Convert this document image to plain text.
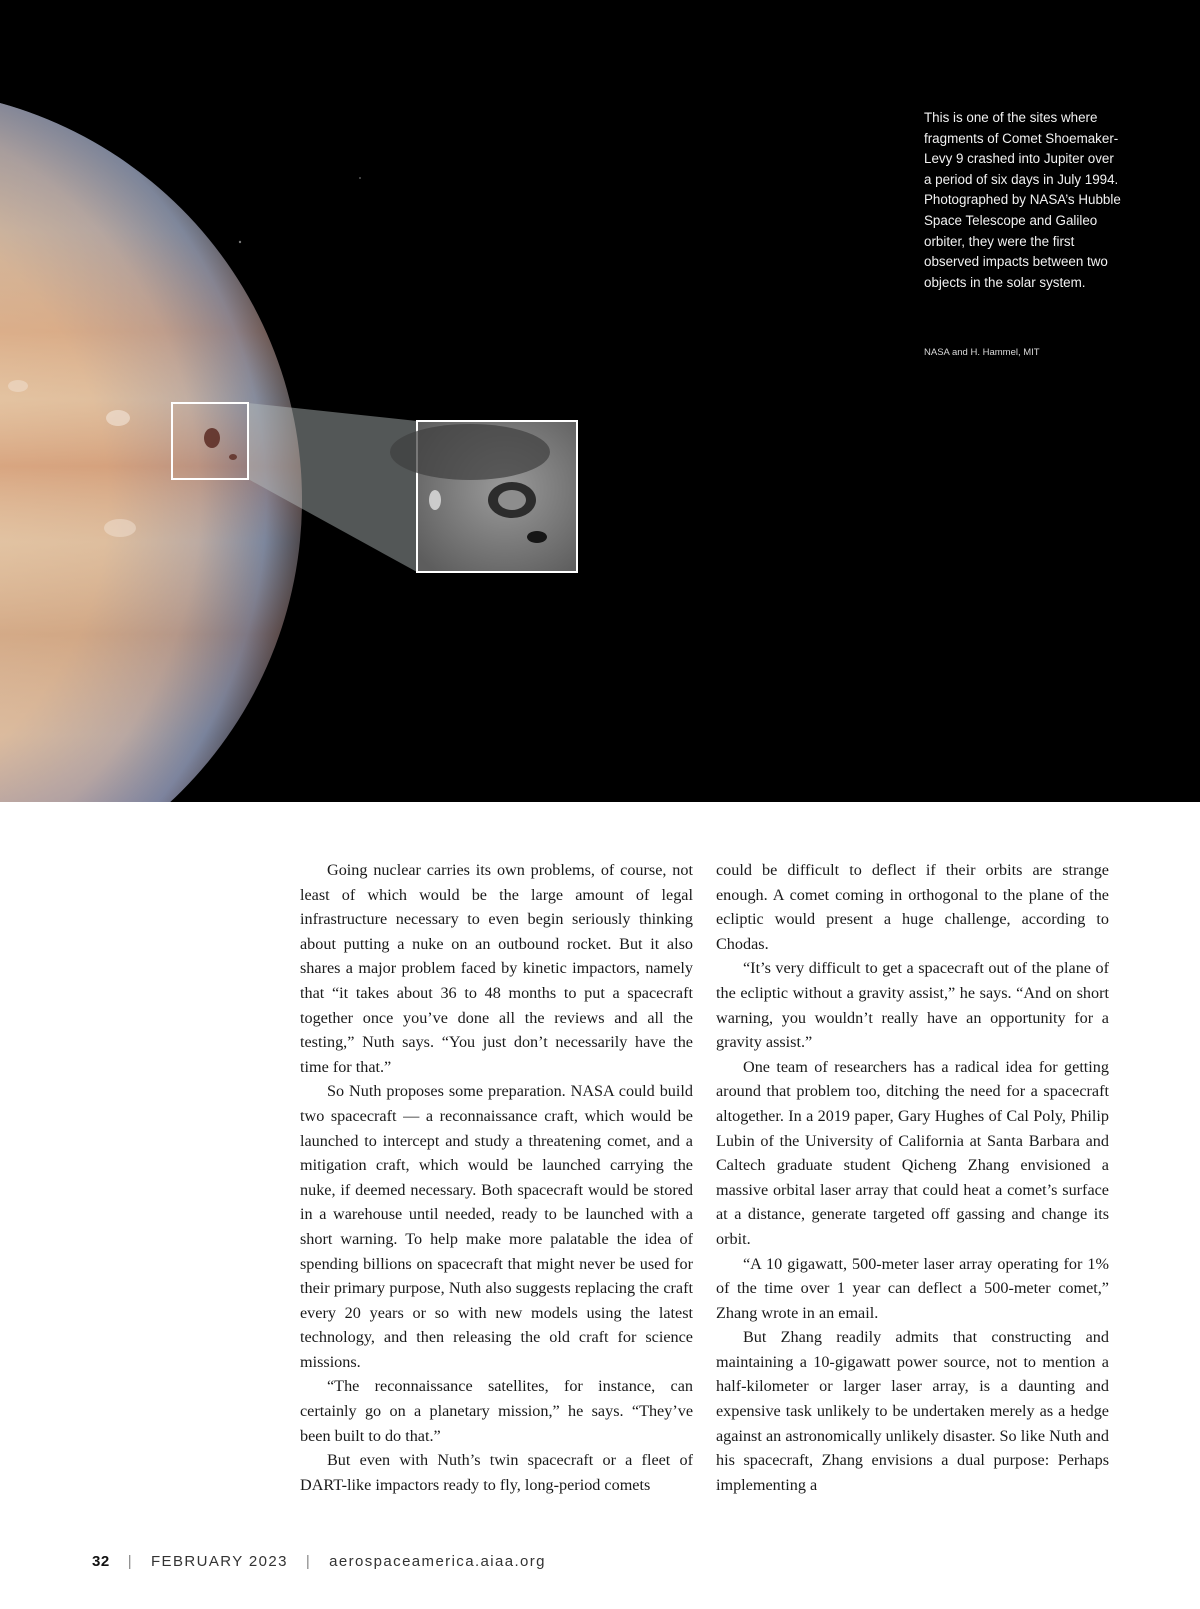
This is one of the sites where fragments of Comet Shoemaker-Levy 9 crashed into Jupiter over a period of six days in July 1994. Photographed by NASA’s Hubble Space Telescope and Galileo orbiter, they were the first observed impacts between two objects in the solar system.
NASA and H. Hammel, MIT

Going nuclear carries its own problems, of course, not least of which would be the large amount of legal infrastructure necessary to even begin seriously thinking about putting a nuke on an outbound rocket. But it also shares a major problem faced by kinetic impactors, namely that “it takes about 36 to 48 months to put a spacecraft together once you’ve done all the reviews and all the testing,” Nuth says. “You just don’t necessarily have the time for that.”

So Nuth proposes some preparation. NASA could build two spacecraft — a reconnaissance craft, which would be launched to intercept and study a threatening comet, and a mitigation craft, which would be launched carrying the nuke, if deemed necessary. Both spacecraft would be stored in a warehouse until needed, ready to be launched with a short warning. To help make more palatable the idea of spending billions on spacecraft that might never be used for their primary purpose, Nuth also suggests replacing the craft every 20 years or so with new models using the latest technology, and then releasing the old craft for science missions.

“The reconnaissance satellites, for instance, can certainly go on a planetary mission,” he says. “They’ve been built to do that.”

But even with Nuth’s twin spacecraft or a fleet of DART-like impactors ready to fly, long-period comets

could be difficult to deflect if their orbits are strange enough. A comet coming in orthogonal to the plane of the ecliptic would present a huge challenge, according to Chodas.

“It’s very difficult to get a spacecraft out of the plane of the ecliptic without a gravity assist,” he says. “And on short warning, you wouldn’t really have an opportunity for a gravity assist.”

One team of researchers has a radical idea for getting around that problem too, ditching the need for a spacecraft altogether. In a 2019 paper, Gary Hughes of Cal Poly, Philip Lubin of the University of California at Santa Barbara and Caltech graduate student Qicheng Zhang envisioned a massive orbital laser array that could heat a comet’s surface at a distance, generate targeted off gassing and change its orbit.

“A 10 gigawatt, 500-meter laser array operating for 1% of the time over 1 year can deflect a 500-meter comet,” Zhang wrote in an email.

But Zhang readily admits that constructing and maintaining a 10-gigawatt power source, not to mention a half-kilometer or larger laser array, is a daunting and expensive task unlikely to be undertaken merely as a hedge against an astronomically unlikely disaster. So like Nuth and his spacecraft, Zhang envisions a dual purpose: Perhaps implementing a

32 | FEBRUARY 2023 | aerospaceamerica.aiaa.org
